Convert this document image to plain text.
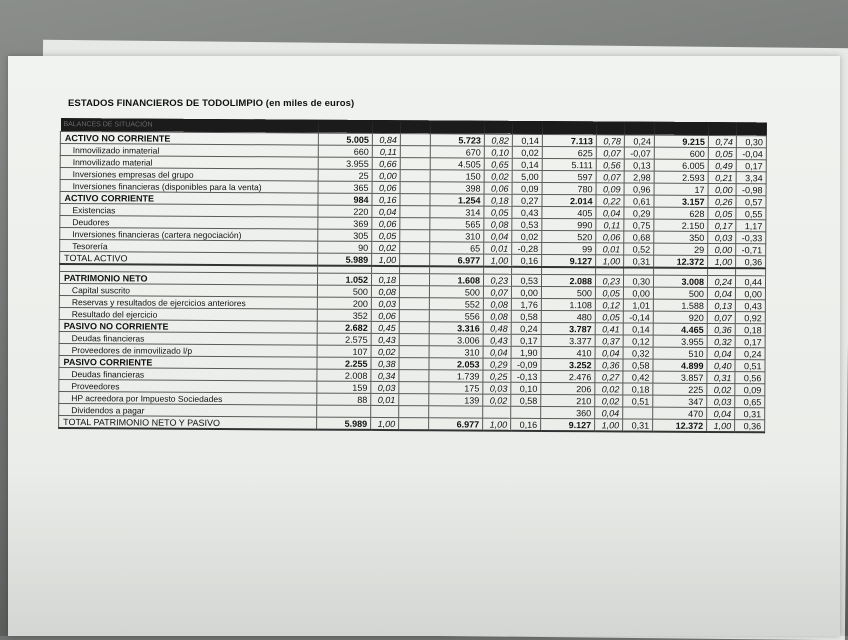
ESTADOS FINANCIEROS DE TODOLIMPIO (en miles de euros)
BALANCES DE SITUACIÓN												
ACTIVO NO CORRIENTE	5.005	0,84		5.723	0,82	0,14	7.113	0,78	0,24	9.215	0,74	0,30
Inmovilizado inmaterial	660	0,11		670	0,10	0,02	625	0,07	-0,07	600	0,05	-0,04
Inmovilizado material	3.955	0,66		4.505	0,65	0,14	5.111	0,56	0,13	6.005	0,49	0,17
Inversiones empresas del grupo	25	0,00		150	0,02	5,00	597	0,07	2,98	2.593	0,21	3,34
Inversiones financieras (disponibles para la venta)	365	0,06		398	0,06	0,09	780	0,09	0,96	17	0,00	-0,98
ACTIVO CORRIENTE	984	0,16		1.254	0,18	0,27	2.014	0,22	0,61	3.157	0,26	0,57
Existencias	220	0,04		314	0,05	0,43	405	0,04	0,29	628	0,05	0,55
Deudores	369	0,06		565	0,08	0,53	990	0,11	0,75	2.150	0,17	1,17
Inversiones financieras (cartera negociación)	305	0,05		310	0,04	0,02	520	0,06	0,68	350	0,03	-0,33
Tesorería	90	0,02		65	0,01	-0,28	99	0,01	0,52	29	0,00	-0,71
TOTAL ACTIVO	5.989	1,00		6.977	1,00	0,16	9.127	1,00	0,31	12.372	1,00	0,36

PATRIMONIO NETO	1.052	0,18		1.608	0,23	0,53	2.088	0,23	0,30	3.008	0,24	0,44
Capital suscrito	500	0,08		500	0,07	0,00	500	0,05	0,00	500	0,04	0,00
Reservas y resultados de ejercicios anteriores	200	0,03		552	0,08	1,76	1.108	0,12	1,01	1.588	0,13	0,43
Resultado del ejercicio	352	0,06		556	0,08	0,58	480	0,05	-0,14	920	0,07	0,92
PASIVO NO CORRIENTE	2.682	0,45		3.316	0,48	0,24	3.787	0,41	0,14	4.465	0,36	0,18
Deudas financieras	2.575	0,43		3.006	0,43	0,17	3.377	0,37	0,12	3.955	0,32	0,17
Proveedores de inmovilizado l/p	107	0,02		310	0,04	1,90	410	0,04	0,32	510	0,04	0,24
PASIVO CORRIENTE	2.255	0,38		2.053	0,29	-0,09	3.252	0,36	0,58	4.899	0,40	0,51
Deudas financieras	2.008	0,34		1.739	0,25	-0,13	2.476	0,27	0,42	3.857	0,31	0,56
Proveedores	159	0,03		175	0,03	0,10	206	0,02	0,18	225	0,02	0,09
HP acreedora por Impuesto Sociedades	88	0,01		139	0,02	0,58	210	0,02	0,51	347	0,03	0,65
Dividendos a pagar							360	0,04		470	0,04	0,31
TOTAL PATRIMONIO NETO Y PASIVO	5.989	1,00		6.977	1,00	0,16	9.127	1,00	0,31	12.372	1,00	0,36
